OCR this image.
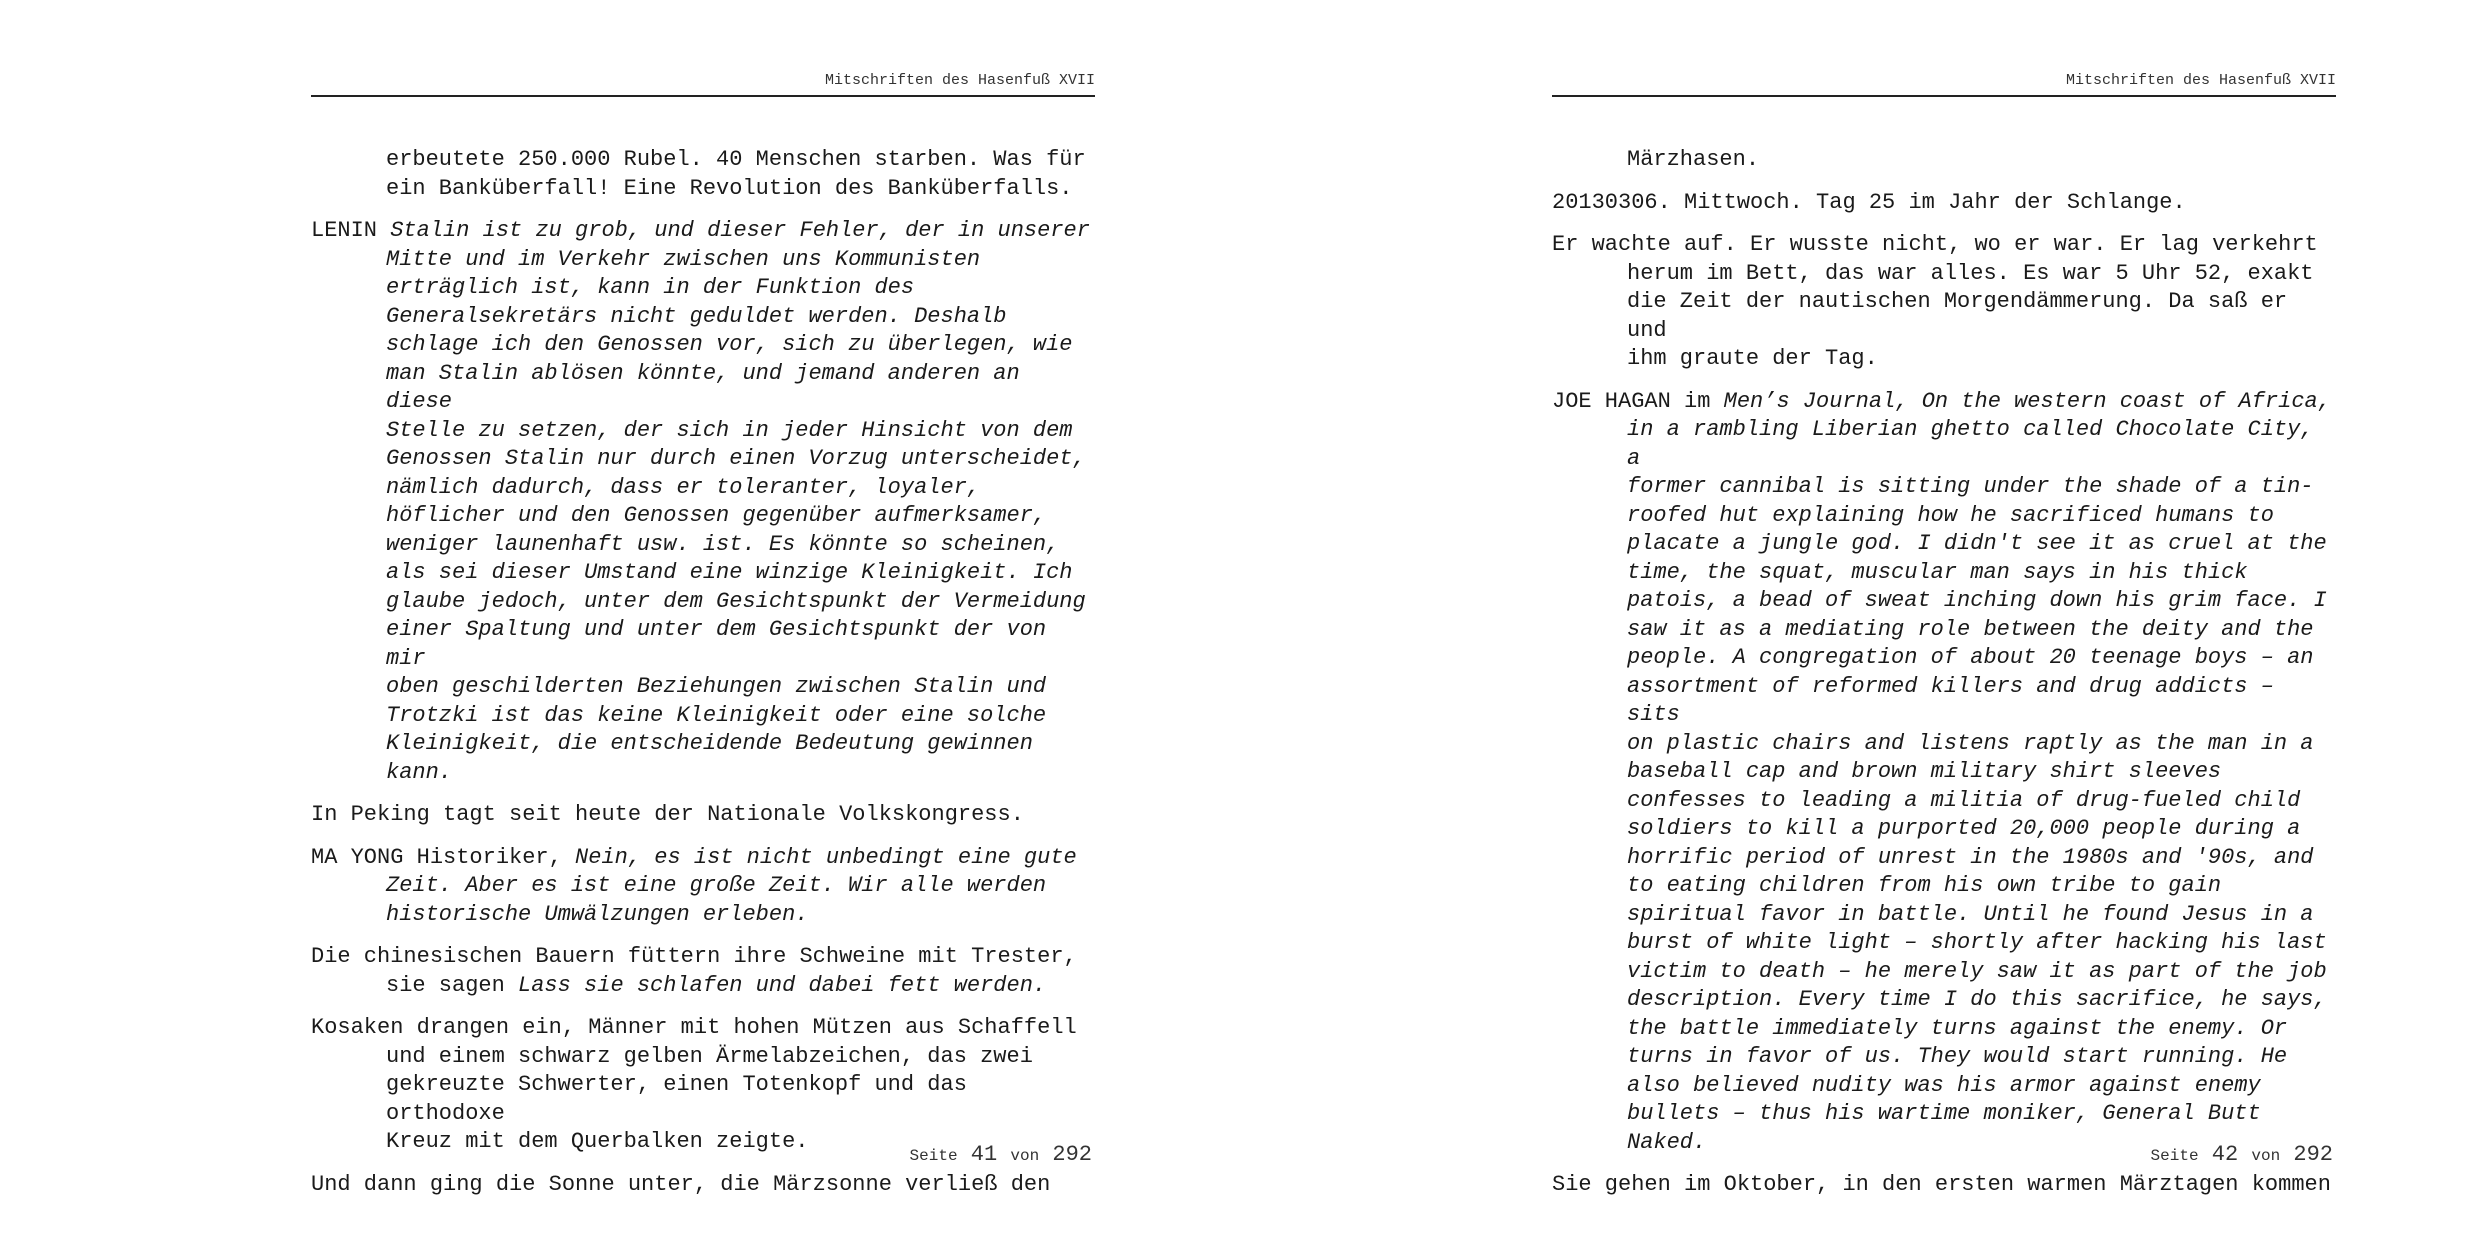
Mitschriften des Hasenfuß XVII

erbeutete 250.000 Rubel. 40 Menschen starben. Was für
ein Banküberfall! Eine Revolution des Banküberfalls.

LENIN Stalin ist zu grob, und dieser Fehler, der in unserer
Mitte und im Verkehr zwischen uns Kommunisten
erträglich ist, kann in der Funktion des
Generalsekretärs nicht geduldet werden. Deshalb
schlage ich den Genossen vor, sich zu überlegen, wie
man Stalin ablösen könnte, und jemand anderen an diese
Stelle zu setzen, der sich in jeder Hinsicht von dem
Genossen Stalin nur durch einen Vorzug unterscheidet,
nämlich dadurch, dass er toleranter, loyaler,
höflicher und den Genossen gegenüber aufmerksamer,
weniger launenhaft usw. ist. Es könnte so scheinen,
als sei dieser Umstand eine winzige Kleinigkeit. Ich
glaube jedoch, unter dem Gesichtspunkt der Vermeidung
einer Spaltung und unter dem Gesichtspunkt der von mir
oben geschilderten Beziehungen zwischen Stalin und
Trotzki ist das keine Kleinigkeit oder eine solche
Kleinigkeit, die entscheidende Bedeutung gewinnen
kann.

In Peking tagt seit heute der Nationale Volkskongress.

MA YONG Historiker, Nein, es ist nicht unbedingt eine gute
Zeit. Aber es ist eine große Zeit. Wir alle werden
historische Umwälzungen erleben.

Die chinesischen Bauern füttern ihre Schweine mit Trester,
sie sagen Lass sie schlafen und dabei fett werden.

Kosaken drangen ein, Männer mit hohen Mützen aus Schaffell
und einem schwarz gelben Ärmelabzeichen, das zwei
gekreuzte Schwerter, einen Totenkopf und das orthodoxe
Kreuz mit dem Querbalken zeigte.

Und dann ging die Sonne unter, die Märzsonne verließ den

Seite 41 von 292
Mitschriften des Hasenfuß XVII

Märzhasen.

20130306. Mittwoch. Tag 25 im Jahr der Schlange.

Er wachte auf. Er wusste nicht, wo er war. Er lag verkehrt
herum im Bett, das war alles. Es war 5 Uhr 52, exakt
die Zeit der nautischen Morgendämmerung. Da saß er und
ihm graute der Tag.

JOE HAGAN im Men’s Journal, On the western coast of Africa,
in a rambling Liberian ghetto called Chocolate City, a
former cannibal is sitting under the shade of a tin-
roofed hut explaining how he sacrificed humans to
placate a jungle god. I didn't see it as cruel at the
time, the squat, muscular man says in his thick
patois, a bead of sweat inching down his grim face. I
saw it as a mediating role between the deity and the
people. A congregation of about 20 teenage boys – an
assortment of reformed killers and drug addicts – sits
on plastic chairs and listens raptly as the man in a
baseball cap and brown military shirt sleeves
confesses to leading a militia of drug-fueled child
soldiers to kill a purported 20,000 people during a
horrific period of unrest in the 1980s and '90s, and
to eating children from his own tribe to gain
spiritual favor in battle. Until he found Jesus in a
burst of white light – shortly after hacking his last
victim to death – he merely saw it as part of the job
description. Every time I do this sacrifice, he says,
the battle immediately turns against the enemy. Or
turns in favor of us. They would start running. He
also believed nudity was his armor against enemy
bullets – thus his wartime moniker, General Butt
Naked.

Sie gehen im Oktober, in den ersten warmen Märztagen kommen

Seite 42 von 292
